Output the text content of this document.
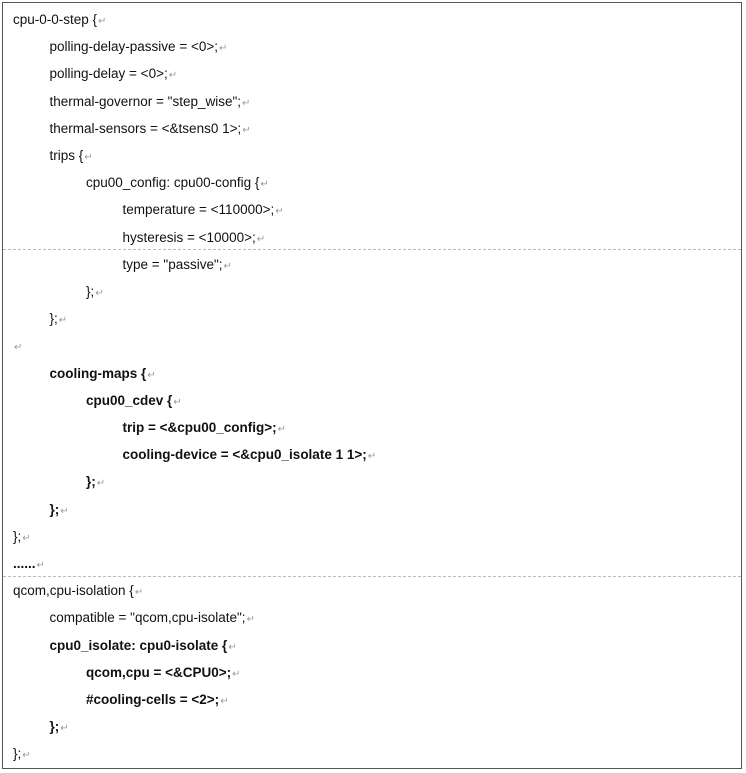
cpu-0-0-step {↵
polling-delay-passive = <0>;↵
polling-delay = <0>;↵
thermal-governor = "step_wise";↵
thermal-sensors = <&tsens0 1>;↵
trips {↵
cpu00_config: cpu00-config {↵
temperature = <110000>;↵
hysteresis = <10000>;↵
type = "passive";↵
};↵
};↵
↵
cooling-maps {↵
cpu00_cdev {↵
trip = <&cpu00_config>;↵
cooling-device = <&cpu0_isolate 1 1>;↵
};↵
};↵
};↵
......↵
qcom,cpu-isolation {↵
compatible = "qcom,cpu-isolate";↵
cpu0_isolate: cpu0-isolate {↵
qcom,cpu = <&CPU0>;↵
#cooling-cells = <2>;↵
};↵
};↵
